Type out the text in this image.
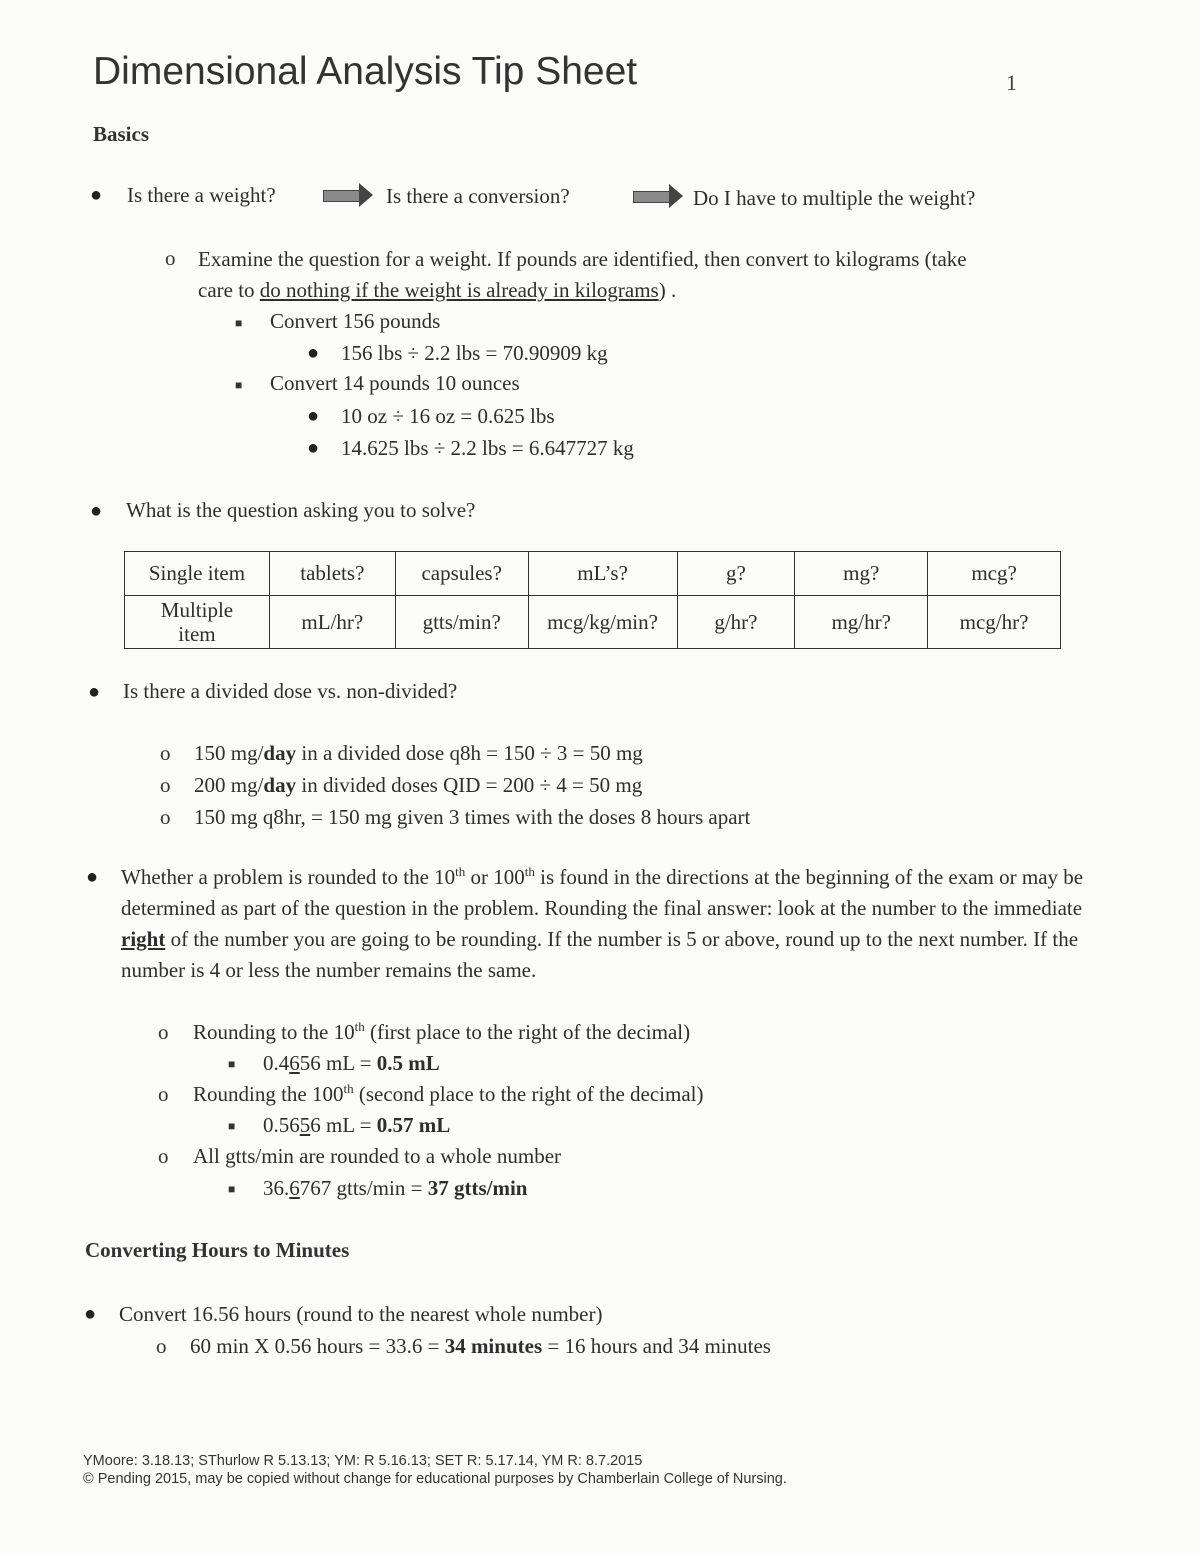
Dimensional Analysis Tip Sheet	1
Basics
● Is there a weight?	Is there a conversion?	Do I have to multiple the weight?
o Examine the question for a weight. If pounds are identified, then convert to kilograms (take
care to do nothing if the weight is already in kilograms) .
■ Convert 156 pounds
● 156 lbs ÷ 2.2 lbs = 70.90909 kg
■ Convert 14 pounds 10 ounces
● 10 oz ÷ 16 oz = 0.625 lbs
● 14.625 lbs ÷ 2.2 lbs = 6.647727 kg
● What is the question asking you to solve?
Single item	tablets?	capsules?	mL’s?	g?	mg?	mcg?
Multiple item	mL/hr?	gtts/min?	mcg/kg/min?	g/hr?	mg/hr?	mcg/hr?
● Is there a divided dose vs. non-divided?
o 150 mg/day in a divided dose q8h = 150 ÷ 3 = 50 mg
o 200 mg/day in divided doses QID = 200 ÷ 4 = 50 mg
o 150 mg q8hr, = 150 mg given 3 times with the doses 8 hours apart
● Whether a problem is rounded to the 10th or 100th is found in the directions at the beginning of the exam or may be determined as part of the question in the problem. Rounding the final answer: look at the number to the immediate right of the number you are going to be rounding. If the number is 5 or above, round up to the next number. If the number is 4 or less the number remains the same.
o Rounding to the 10th (first place to the right of the decimal)
■ 0.4656 mL = 0.5 mL
o Rounding the 100th (second place to the right of the decimal)
■ 0.5656 mL = 0.57 mL
o All gtts/min are rounded to a whole number
■ 36.6767 gtts/min = 37 gtts/min
Converting Hours to Minutes
● Convert 16.56 hours (round to the nearest whole number)
o 60 min X 0.56 hours = 33.6 = 34 minutes = 16 hours and 34 minutes
YMoore: 3.18.13; SThurlow R 5.13.13; YM: R 5.16.13; SET R: 5.17.14, YM R: 8.7.2015
© Pending 2015, may be copied without change for educational purposes by Chamberlain College of Nursing.
